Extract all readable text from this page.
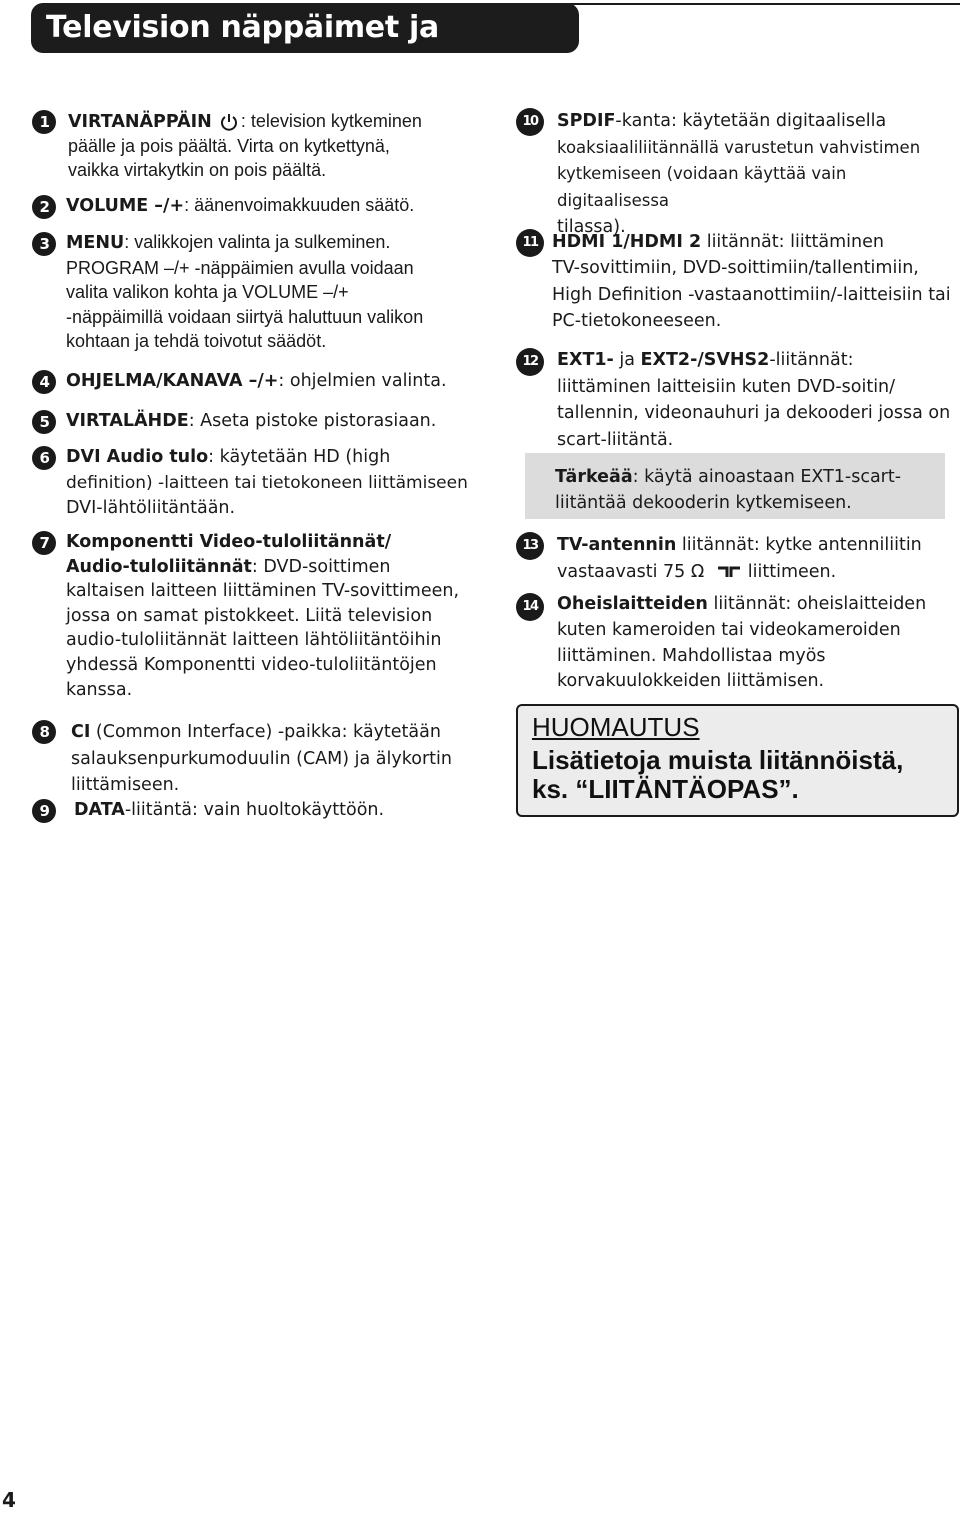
Television näppäimet ja liitännät
1	VIRTANÄPPÄIN : television kytkeminen

päälle ja pois päältä. Virta on kytkettynä,

vaikka virtakytkin on pois päältä.

2	VOLUME –/+: äänenvoimakkuuden säätö.

3	MENU: valikkojen valinta ja sulkeminen.

PROGRAM –/+ -näppäimien avulla voidaan

valita valikon kohta ja VOLUME –/+

-näppäimillä voidaan siirtyä haluttuun valikon

kohtaan ja tehdä toivotut säädöt.

4	OHJELMA/KANAVA –/+: ohjelmien valinta.

5	VIRTALÄHDE: Aseta pistoke pistorasiaan.

6	DVI Audio tulo: käytetään HD (high

definition) -laitteen tai tietokoneen liittämiseen

DVI-lähtöliitäntään.

7	Komponentti Video-tuloliitännät/

Audio-tuloliitännät: DVD-soittimen

kaltaisen laitteen liittäminen TV-sovittimeen,

jossa on samat pistokkeet. Liitä television

audio-tuloliitännät laitteen lähtöliitäntöihin

yhdessä Komponentti video-tuloliitäntöjen

kanssa.

8	CI (Common Interface) -paikka: käytetään

salauksenpurkumoduulin (CAM) ja älykortin

liittämiseen.

9	DATA-liitäntä: vain huoltokäyttöön.

10	SPDIF-kanta: käytetään digitaalisella

koaksiaaliliitännällä varustetun vahvistimen

kytkemiseen (voidaan käyttää vain digitaalisessa

tilassa).

11 HDMI 1/HDMI 2 liitännät: liittäminen

TV-sovittimiin, DVD-soittimiin/tallentimiin,

High Definition -vastaanottimiin/-laitteisiin tai

PC-tietokoneeseen.

12	EXT1- ja EXT2-/SVHS2-liitännät:

liittäminen laitteisiin kuten DVD-soitin/

tallennin, videonauhuri ja dekooderi jossa on

scart-liitäntä.

Tärkeää: käytä ainoastaan EXT1-scart-

liitäntää dekooderin kytkemiseen.

13	TV-antennin liitännät: kytke antenniliitin

vastaavasti 75 Ω liittimeen.

14	Oheislaitteiden liitännät: oheislaitteiden

kuten kameroiden tai videokameroiden

liittäminen. Mahdollistaa myös

korvakuulokkeiden liittämisen.

HUOMAUTUS
Lisätietoja muista liitännöistä,
ks. “LIITÄNTÄOPAS”.
4
